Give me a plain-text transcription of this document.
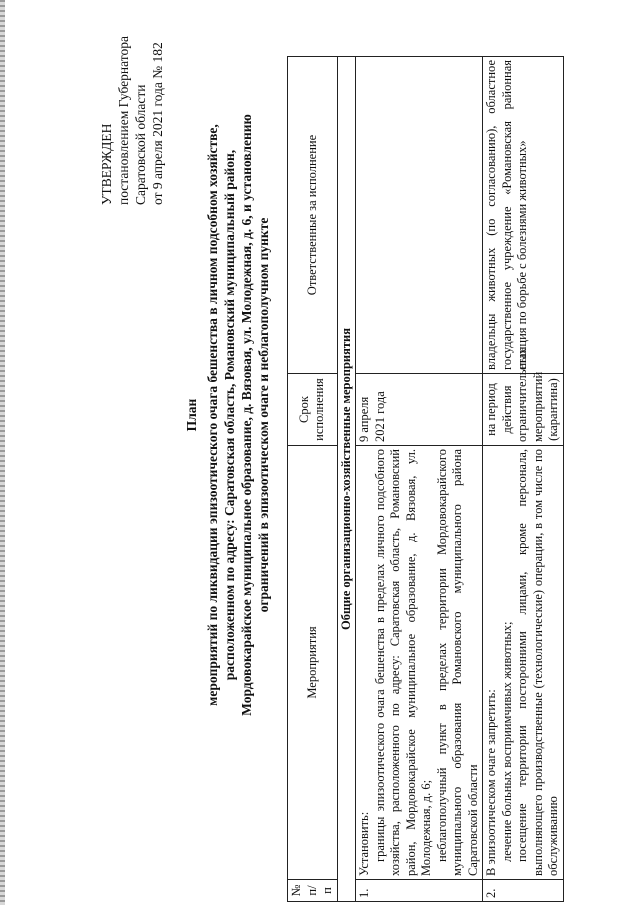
УТВЕРЖДЕН постановлением Губернатора Саратовской области от 9 апреля 2021 года № 182
План мероприятий по ликвидации эпизоотического очага бешенства в личном подсобном хозяйстве, расположенном по адресу: Саратовская область, Романовский муниципальный район, Мордовокарайское муниципальное образование, д. Вязовая, ул. Молодежная, д. 6, и установлению ограничений в эпизоотическом очаге и неблагополучном пункте
№ п/п	Мероприятия	Срок исполнения	Ответственные за исполнение
Общие организационно-хозяйственные мероприятия			
1.	Установить: границы эпизоотического очага бешенства в пределах личного подсобного хозяйства, расположенного по адресу: Саратовская область, Романовский район, Мордовокарайское муниципальное образование, д. Вязовая, ул. Молодежная, д. 6; неблагополучный пункт в пределах территории Мордовокарайского муниципального образования Романовского муниципального района Саратовской области	9 апреля 2021 года	
2.	В эпизоотическом очаге запретить: лечение больных восприимчивых животных; посещение территории посторонними лицами, кроме персонала, выполняющего производственные (технологические) операции, в том числе по обслуживанию	на период действия ограничительных мероприятий (карантина)	владельцы животных (по согласованию), областное государственное учреждение «Романовская районная станция по борьбе с болезнями животных»
